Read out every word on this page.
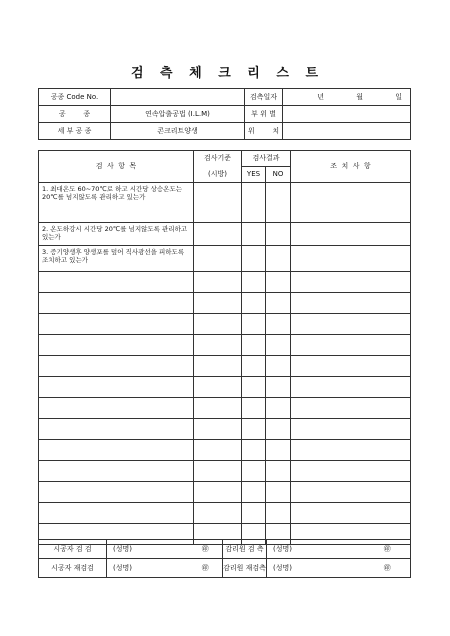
검 측 체 크 리 스 트
공종 Code No.		검측일자	년 월 일
공        종	연속압출공법 (I.L.M)	부 위 별	
세 부 공 종	콘크리트양생	위        치	
검  사  항  목	검사기준	검사결과		조  치  사  항
	(시방)	YES	NO	
1. 최대온도 60~70℃로 하고 시간당 상승온도는 20℃를 넘지않도록 관리하고 있는가				
2. 온도하강시 시간당 20℃를 넘지않도록 관리하고 있는가				
3. 증기양생후 양생포를 덮어 직사광선을 피하도록 조치하고 있는가				

시공자 검 검	(성명)	㊞	감리원 검 측	(성명)	㊞
시공자 재검검	(성명)	㊞	감리원 재검측	(성명)	㊞
